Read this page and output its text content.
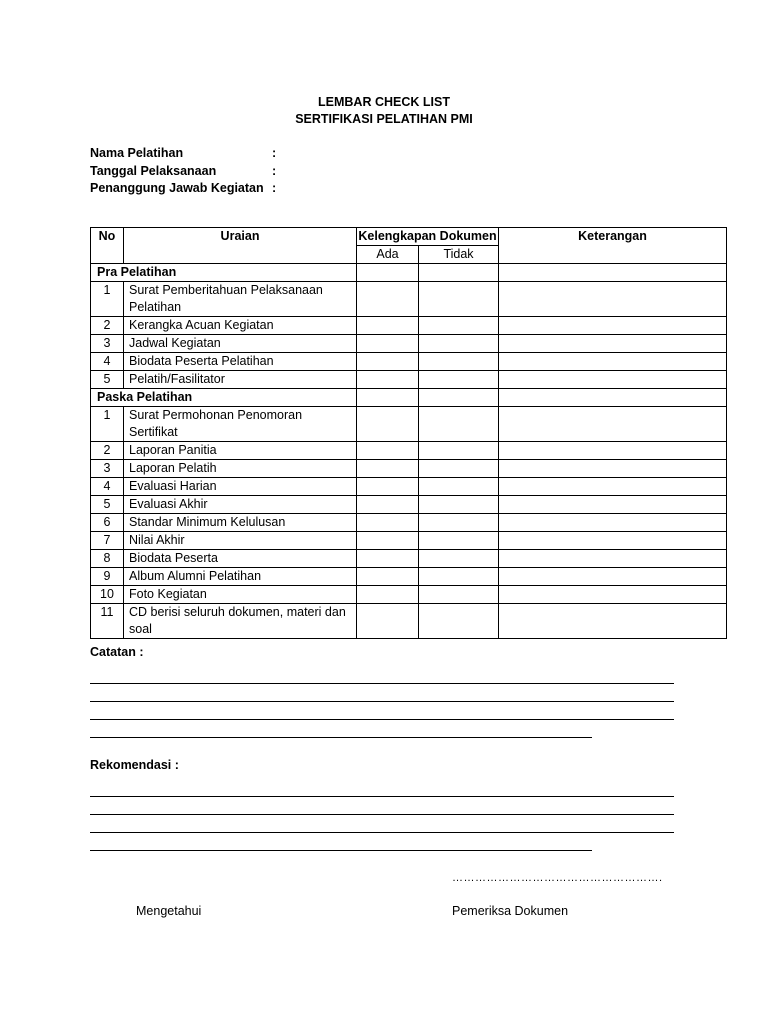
LEMBAR CHECK LIST
SERTIFIKASI PELATIHAN PMI
Nama Pelatihan	:
Tanggal Pelaksanaan	:
Penanggung Jawab Kegiatan :
No	Uraian	Kelengkapan Dokumen		Keterangan
		Ada	Tidak	
Pra Pelatihan				
1	Surat Pemberitahuan Pelaksanaan Pelatihan			
2	Kerangka Acuan Kegiatan			
3	Jadwal Kegiatan			
4	Biodata Peserta Pelatihan			
5	Pelatih/Fasilitator			
Paska Pelatihan				
1	Surat Permohonan Penomoran Sertifikat			
2	Laporan Panitia			
3	Laporan Pelatih			
4	Evaluasi Harian			
5	Evaluasi Akhir			
6	Standar Minimum Kelulusan			
7	Nilai Akhir			
8	Biodata Peserta			
9	Album Alumni Pelatihan			
10	Foto Kegiatan			
11	CD berisi seluruh dokumen, materi dan soal			
Catatan :
Rekomendasi :
……………………………………………….
Mengetahui	Pemeriksa Dokumen
